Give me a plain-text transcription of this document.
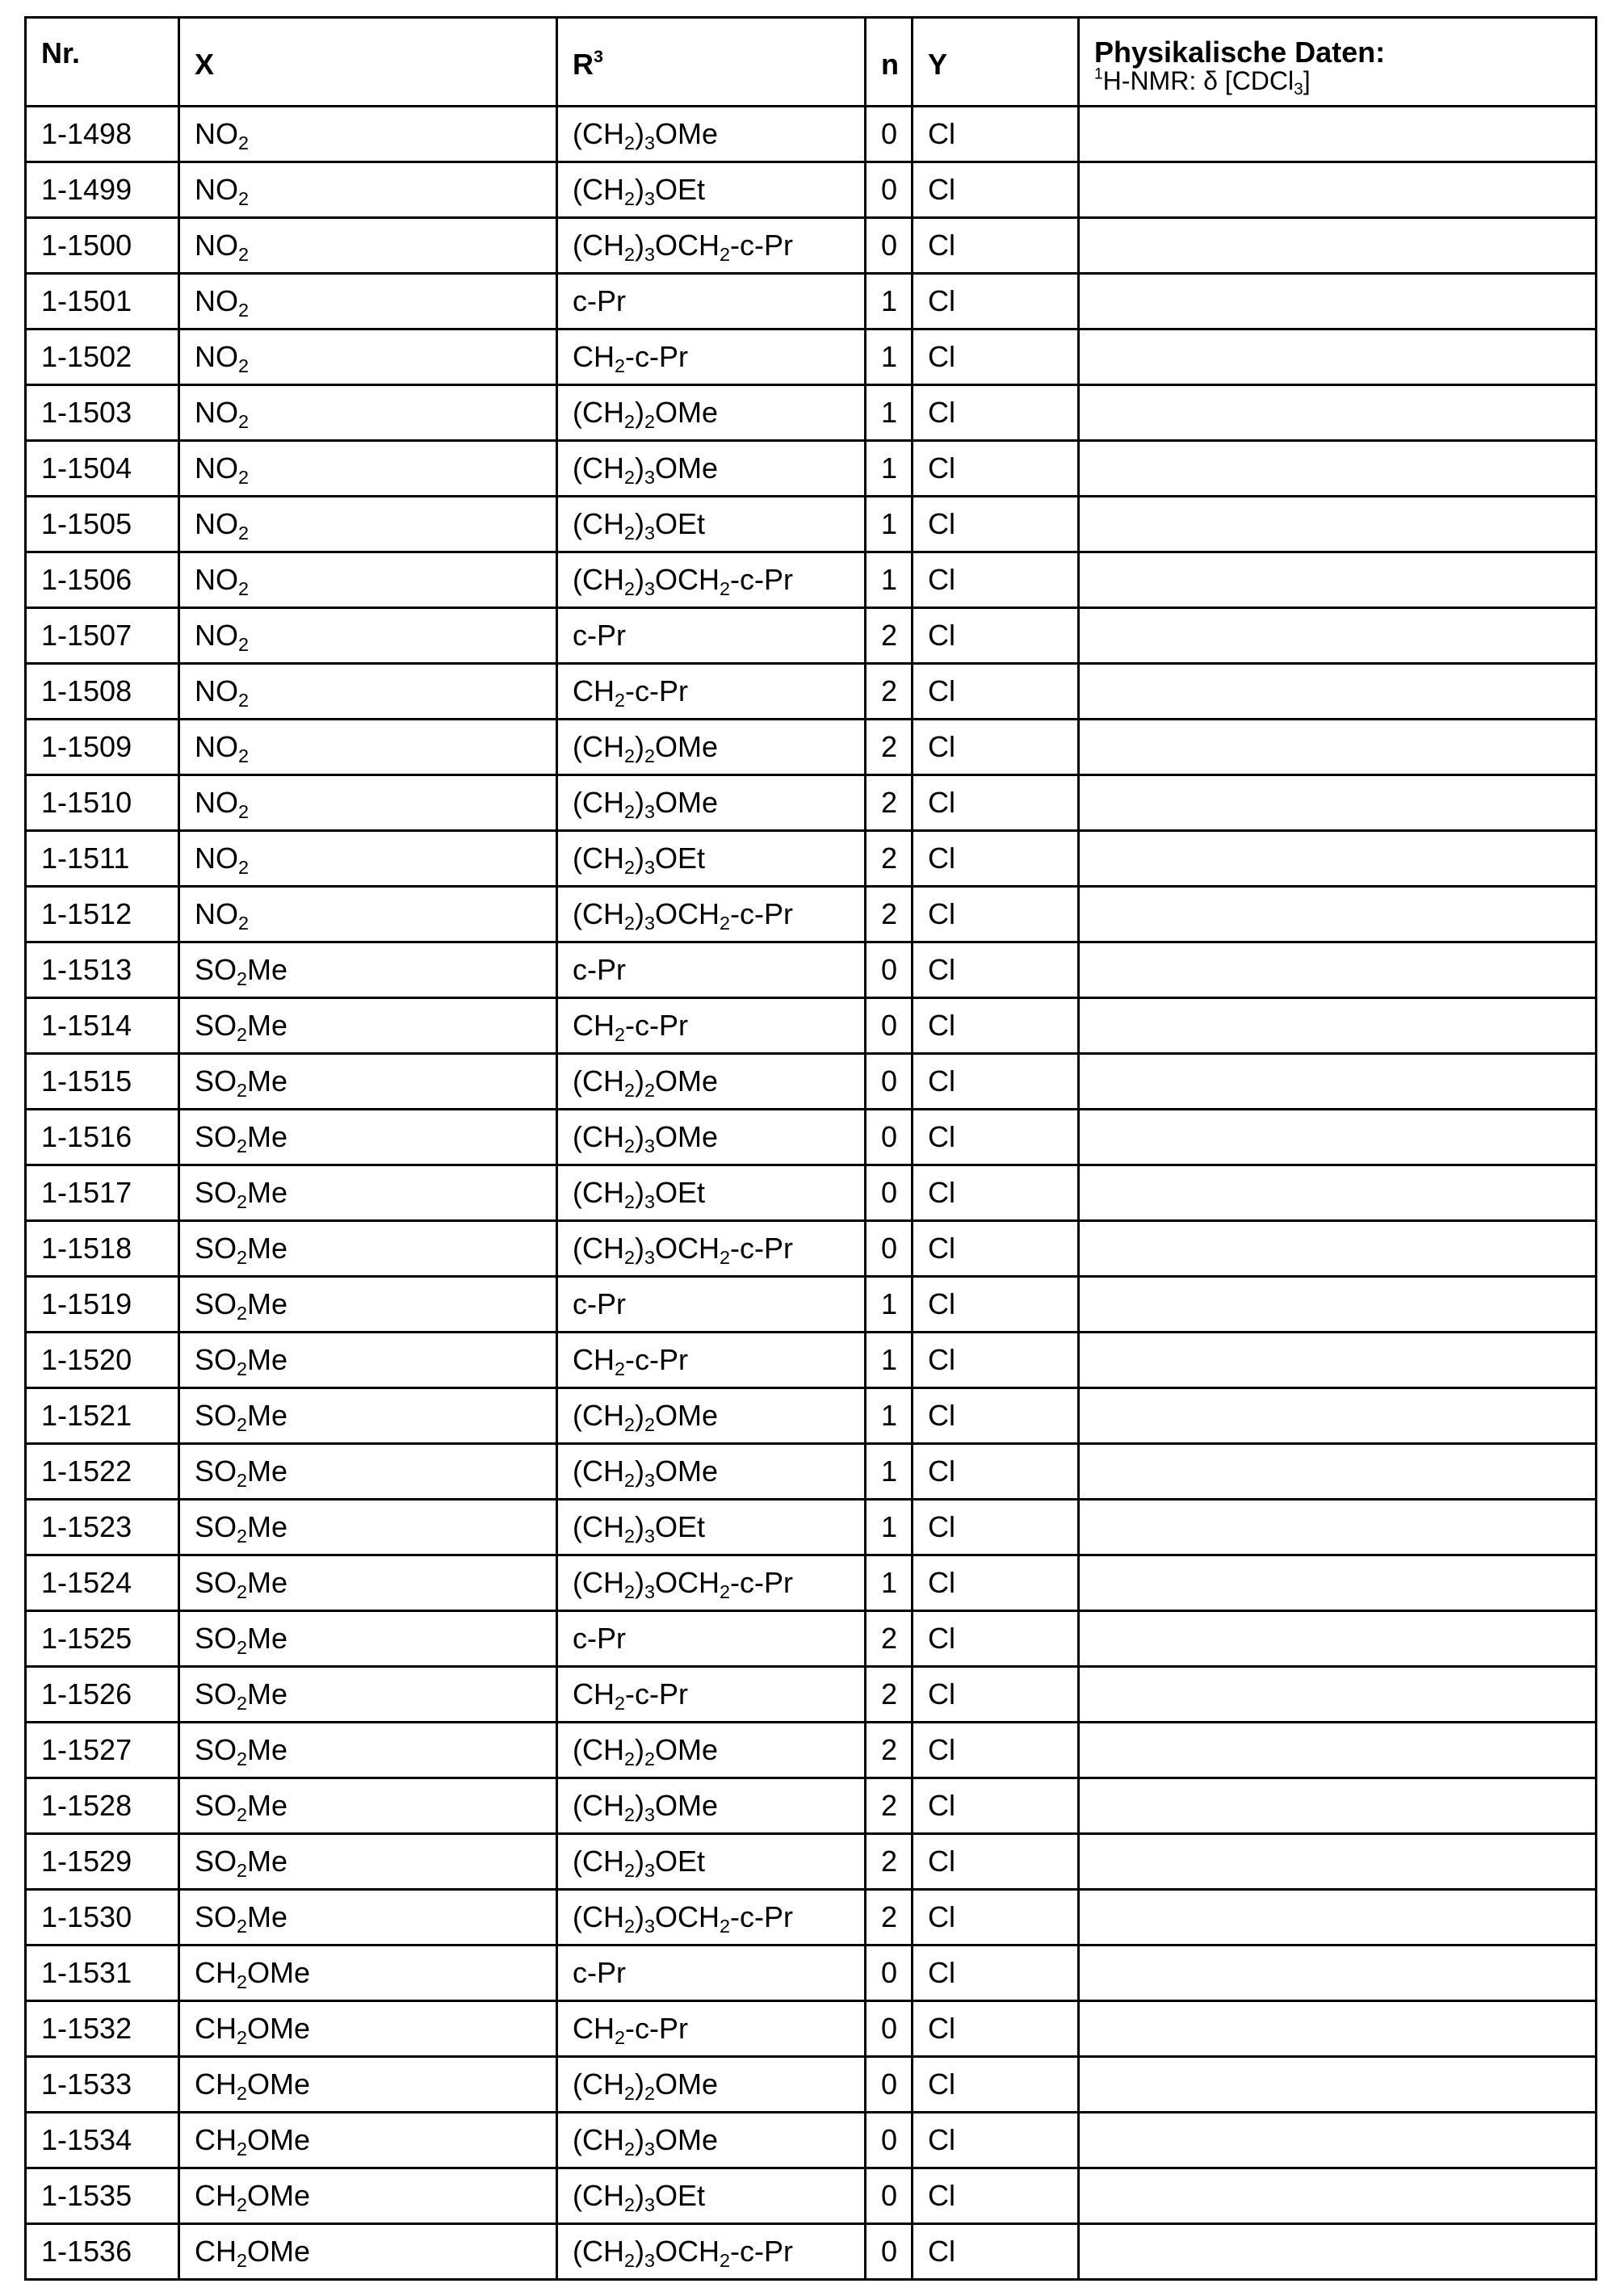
Nr.	X	$R^3$	n	Y	Physikalische Daten:
$^1$H-NMR: δ [CDCl$_3$]

1-1498	$NO_2$	$(CH_2)_3OMe$	0	Cl	
1-1499	$NO_2$	$(CH_2)_3OEt$	0	Cl	
1-1500	$NO_2$	$(CH_2)_3OCH_2-c-Pr$	0	Cl	
1-1501	$NO_2$	c-Pr	1	Cl	
1-1502	$NO_2$	$CH_2-c-Pr$	1	Cl	
1-1503	$NO_2$	$(CH_2)_2OMe$	1	Cl	
1-1504	$NO_2$	$(CH_2)_3OMe$	1	Cl	
1-1505	$NO_2$	$(CH_2)_3OEt$	1	Cl	
1-1506	$NO_2$	$(CH_2)_3OCH_2-c-Pr$	1	Cl	
1-1507	$NO_2$	c-Pr	2	Cl	
1-1508	$NO_2$	$CH_2-c-Pr$	2	Cl	
1-1509	$NO_2$	$(CH_2)_2OMe$	2	Cl	
1-1510	$NO_2$	$(CH_2)_3OMe$	2	Cl	
1-1511	$NO_2$	$(CH_2)_3OEt$	2	Cl	
1-1512	$NO_2$	$(CH_2)_3OCH_2-c-Pr$	2	Cl	
1-1513	$SO_2Me$	c-Pr	0	Cl	
1-1514	$SO_2Me$	$CH_2-c-Pr$	0	Cl	
1-1515	$SO_2Me$	$(CH_2)_2OMe$	0	Cl	
1-1516	$SO_2Me$	$(CH_2)_3OMe$	0	Cl	
1-1517	$SO_2Me$	$(CH_2)_3OEt$	0	Cl	
1-1518	$SO_2Me$	$(CH_2)_3OCH_2-c-Pr$	0	Cl	
1-1519	$SO_2Me$	c-Pr	1	Cl	
1-1520	$SO_2Me$	$CH_2-c-Pr$	1	Cl	
1-1521	$SO_2Me$	$(CH_2)_2OMe$	1	Cl	
1-1522	$SO_2Me$	$(CH_2)_3OMe$	1	Cl	
1-1523	$SO_2Me$	$(CH_2)_3OEt$	1	Cl	
1-1524	$SO_2Me$	$(CH_2)_3OCH_2-c-Pr$	1	Cl	
1-1525	$SO_2Me$	c-Pr	2	Cl	
1-1526	$SO_2Me$	$CH_2-c-Pr$	2	Cl	
1-1527	$SO_2Me$	$(CH_2)_2OMe$	2	Cl	
1-1528	$SO_2Me$	$(CH_2)_3OMe$	2	Cl	
1-1529	$SO_2Me$	$(CH_2)_3OEt$	2	Cl	
1-1530	$SO_2Me$	$(CH_2)_3OCH_2-c-Pr$	2	Cl	
1-1531	$CH_2OMe$	c-Pr	0	Cl	
1-1532	$CH_2OMe$	$CH_2-c-Pr$	0	Cl	
1-1533	$CH_2OMe$	$(CH_2)_2OMe$	0	Cl	
1-1534	$CH_2OMe$	$(CH_2)_3OMe$	0	Cl	
1-1535	$CH_2OMe$	$(CH_2)_3OEt$	0	Cl	
1-1536	$CH_2OMe$	$(CH_2)_3OCH_2-c-Pr$	0	Cl	
